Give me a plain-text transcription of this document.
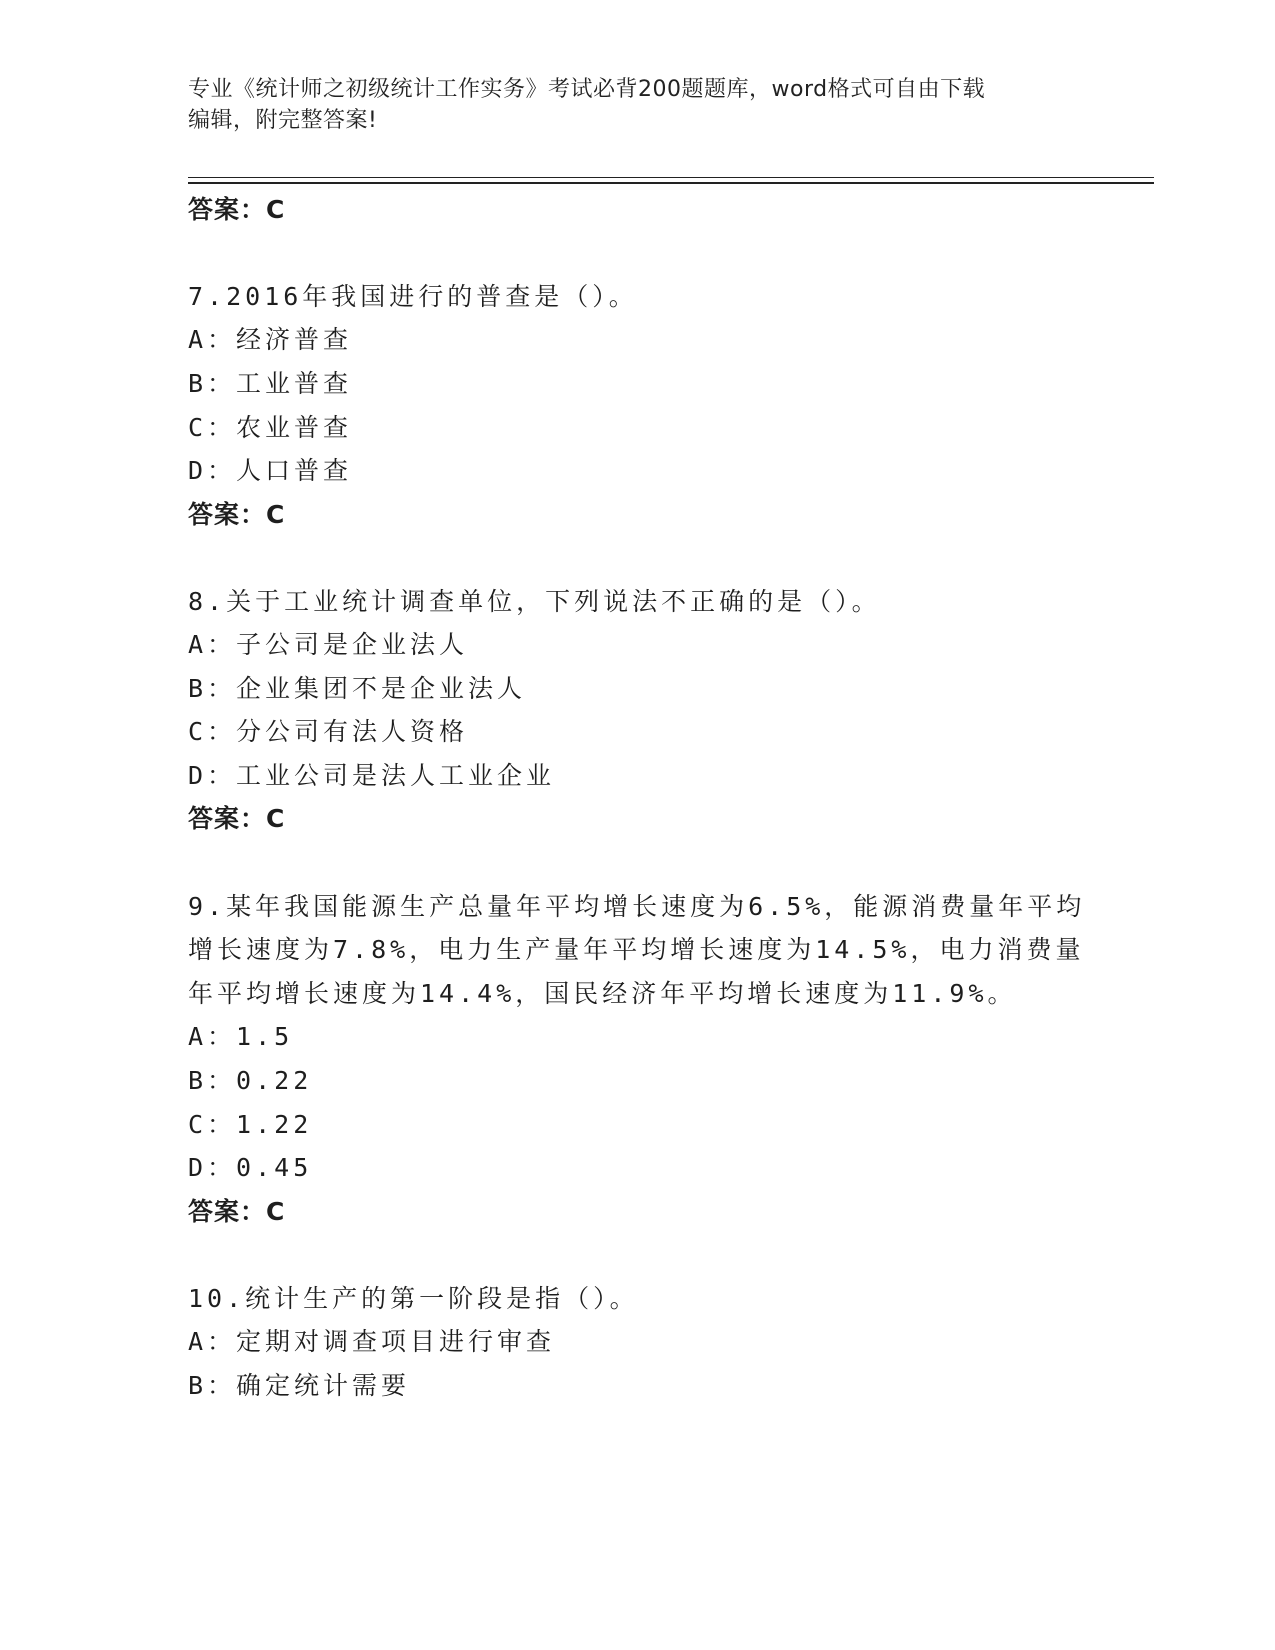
专业《统计师之初级统计工作实务》考试必背200题题库，word格式可自由下载
编辑，附完整答案!
答案：C
7.2016年我国进行的普查是（）。
A：经济普查
B：工业普查
C：农业普查
D：人口普查
答案：C
8.关于工业统计调查单位，下列说法不正确的是（）。
A：子公司是企业法人
B：企业集团不是企业法人
C：分公司有法人资格
D：工业公司是法人工业企业
答案：C
9.某年我国能源生产总量年平均增长速度为6.5%，能源消费量年平均
增长速度为7.8%，电力生产量年平均增长速度为14.5%，电力消费量
年平均增长速度为14.4%，国民经济年平均增长速度为11.9%。
A：1.5
B：0.22
C：1.22
D：0.45
答案：C
10.统计生产的第一阶段是指（）。
A：定期对调查项目进行审查
B：确定统计需要
